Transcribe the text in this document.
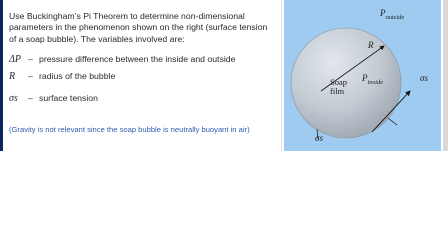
Use Buckingham’s Pi Theorem to determine non-dimensional parameters in the phenomenon shown on the right (surface tension of a soap bubble). The variables involved are:
ΔP – pressure difference between the inside and outside
R – radius of the bubble
σs – surface tension
(Gravity is not relevant since the soap bubble is neutrally buoyant in air)
$P_{outside}$
R
Soap
film
$P_{inside}$	σs
σs
